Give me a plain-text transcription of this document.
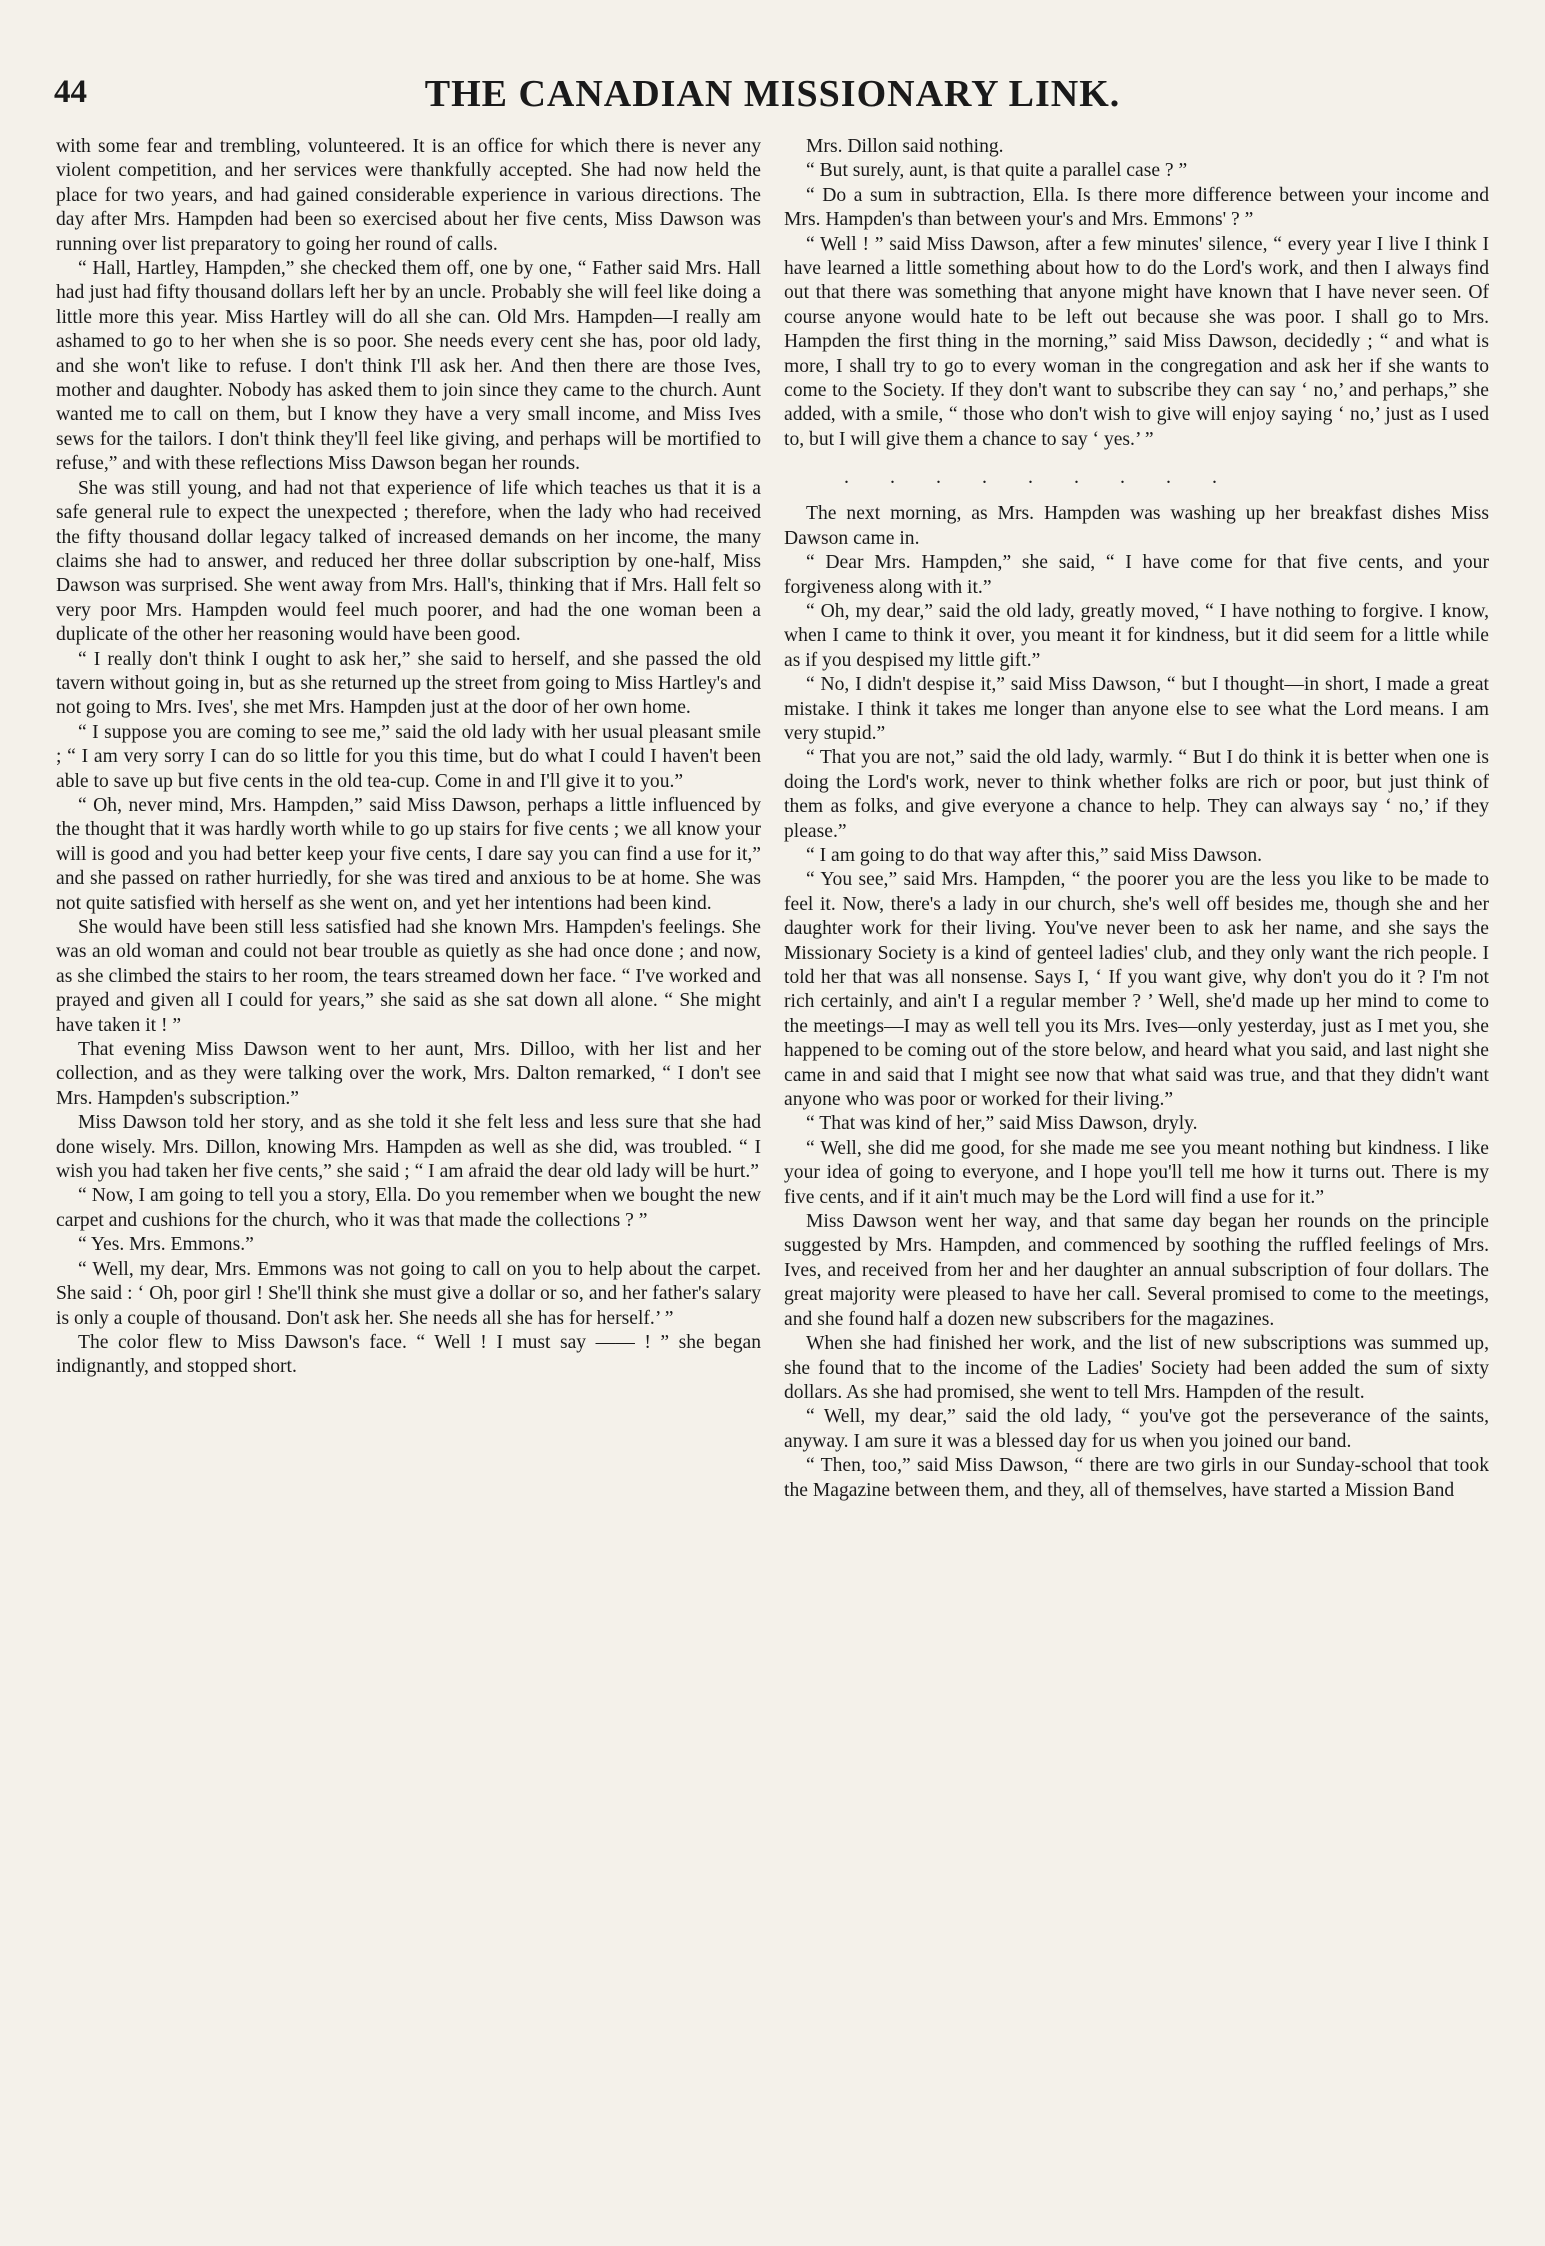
44	THE CANADIAN MISSIONARY LINK.

with some fear and trembling, volunteered. It is an office for which there is never any violent competition, and her services were thankfully accepted. She had now held the place for two years, and had gained considerable experience in various directions. The day after Mrs. Hampden had been so exercised about her five cents, Miss Dawson was running over list preparatory to going her round of calls.

“ Hall, Hartley, Hampden,” she checked them off, one by one, “ Father said Mrs. Hall had just had fifty thousand dollars left her by an uncle. Probably she will feel like doing a little more this year. Miss Hartley will do all she can. Old Mrs. Hampden—I really am ashamed to go to her when she is so poor. She needs every cent she has, poor old lady, and she won't like to refuse. I don't think I'll ask her. And then there are those Ives, mother and daughter. Nobody has asked them to join since they came to the church. Aunt wanted me to call on them, but I know they have a very small income, and Miss Ives sews for the tailors. I don't think they'll feel like giving, and perhaps will be mortified to refuse,” and with these reflections Miss Dawson began her rounds.

She was still young, and had not that experience of life which teaches us that it is a safe general rule to expect the unexpected ; therefore, when the lady who had received the fifty thousand dollar legacy talked of increased demands on her income, the many claims she had to answer, and reduced her three dollar subscription by one-half, Miss Dawson was surprised. She went away from Mrs. Hall's, thinking that if Mrs. Hall felt so very poor Mrs. Hampden would feel much poorer, and had the one woman been a duplicate of the other her reasoning would have been good.

“ I really don't think I ought to ask her,” she said to herself, and she passed the old tavern without going in, but as she returned up the street from going to Miss Hartley's and not going to Mrs. Ives', she met Mrs. Hampden just at the door of her own home.

“ I suppose you are coming to see me,” said the old lady with her usual pleasant smile ; “ I am very sorry I can do so little for you this time, but do what I could I haven't been able to save up but five cents in the old tea-cup. Come in and I'll give it to you.”

“ Oh, never mind, Mrs. Hampden,” said Miss Dawson, perhaps a little influenced by the thought that it was hardly worth while to go up stairs for five cents ; we all know your will is good and you had better keep your five cents, I dare say you can find a use for it,” and she passed on rather hurriedly, for she was tired and anxious to be at home. She was not quite satisfied with herself as she went on, and yet her intentions had been kind.

She would have been still less satisfied had she known Mrs. Hampden's feelings. She was an old woman and could not bear trouble as quietly as she had once done ; and now, as she climbed the stairs to her room, the tears streamed down her face. “ I've worked and prayed and given all I could for years,” she said as she sat down all alone. “ She might have taken it ! ”

That evening Miss Dawson went to her aunt, Mrs. Dilloo, with her list and her collection, and as they were talking over the work, Mrs. Dalton remarked, “ I don't see Mrs. Hampden's subscription.”

Miss Dawson told her story, and as she told it she felt less and less sure that she had done wisely. Mrs. Dillon, knowing Mrs. Hampden as well as she did, was troubled. “ I wish you had taken her five cents,” she said ; “ I am afraid the dear old lady will be hurt.”

“ Now, I am going to tell you a story, Ella. Do you remember when we bought the new carpet and cushions for the church, who it was that made the collections ? ”

“ Yes. Mrs. Emmons.”

“ Well, my dear, Mrs. Emmons was not going to call on you to help about the carpet. She said : ‘ Oh, poor girl ! She'll think she must give a dollar or so, and her father's salary is only a couple of thousand. Don't ask her. She needs all she has for herself.’ ”

The color flew to Miss Dawson's face. “ Well ! I must say —— ! ” she began indignantly, and stopped short.

Mrs. Dillon said nothing.

“ But surely, aunt, is that quite a parallel case ? ”

“ Do a sum in subtraction, Ella. Is there more difference between your income and Mrs. Hampden's than between your's and Mrs. Emmons' ? ”

“ Well ! ” said Miss Dawson, after a few minutes' silence, “ every year I live I think I have learned a little something about how to do the Lord's work, and then I always find out that there was something that anyone might have known that I have never seen. Of course anyone would hate to be left out because she was poor. I shall go to Mrs. Hampden the first thing in the morning,” said Miss Dawson, decidedly ; “ and what is more, I shall try to go to every woman in the congregation and ask her if she wants to come to the Society. If they don't want to subscribe they can say ‘ no,’ and perhaps,” she added, with a smile, “ those who don't wish to give will enjoy saying ‘ no,’ just as I used to, but I will give them a chance to say ‘ yes.’ ”

. . . . . . . . .

The next morning, as Mrs. Hampden was washing up her breakfast dishes Miss Dawson came in.

“ Dear Mrs. Hampden,” she said, “ I have come for that five cents, and your forgiveness along with it.”

“ Oh, my dear,” said the old lady, greatly moved, “ I have nothing to forgive. I know, when I came to think it over, you meant it for kindness, but it did seem for a little while as if you despised my little gift.”

“ No, I didn't despise it,” said Miss Dawson, “ but I thought—in short, I made a great mistake. I think it takes me longer than anyone else to see what the Lord means. I am very stupid.”

“ That you are not,” said the old lady, warmly. “ But I do think it is better when one is doing the Lord's work, never to think whether folks are rich or poor, but just think of them as folks, and give everyone a chance to help. They can always say ‘ no,’ if they please.”

“ I am going to do that way after this,” said Miss Dawson.

“ You see,” said Mrs. Hampden, “ the poorer you are the less you like to be made to feel it. Now, there's a lady in our church, she's well off besides me, though she and her daughter work for their living. You've never been to ask her name, and she says the Missionary Society is a kind of genteel ladies' club, and they only want the rich people. I told her that was all nonsense. Says I, ‘ If you want give, why don't you do it ? I'm not rich certainly, and ain't I a regular member ? ’ Well, she'd made up her mind to come to the meetings—I may as well tell you its Mrs. Ives—only yesterday, just as I met you, she happened to be coming out of the store below, and heard what you said, and last night she came in and said that I might see now that what said was true, and that they didn't want anyone who was poor or worked for their living.”

“ That was kind of her,” said Miss Dawson, dryly.

“ Well, she did me good, for she made me see you meant nothing but kindness. I like your idea of going to everyone, and I hope you'll tell me how it turns out. There is my five cents, and if it ain't much may be the Lord will find a use for it.”

Miss Dawson went her way, and that same day began her rounds on the principle suggested by Mrs. Hampden, and commenced by soothing the ruffled feelings of Mrs. Ives, and received from her and her daughter an annual subscription of four dollars. The great majority were pleased to have her call. Several promised to come to the meetings, and she found half a dozen new subscribers for the magazines.

When she had finished her work, and the list of new subscriptions was summed up, she found that to the income of the Ladies' Society had been added the sum of sixty dollars. As she had promised, she went to tell Mrs. Hampden of the result.

“ Well, my dear,” said the old lady, “ you've got the perseverance of the saints, anyway. I am sure it was a blessed day for us when you joined our band.

“ Then, too,” said Miss Dawson, “ there are two girls in our Sunday-school that took the Magazine between them, and they, all of themselves, have started a Mission Band
